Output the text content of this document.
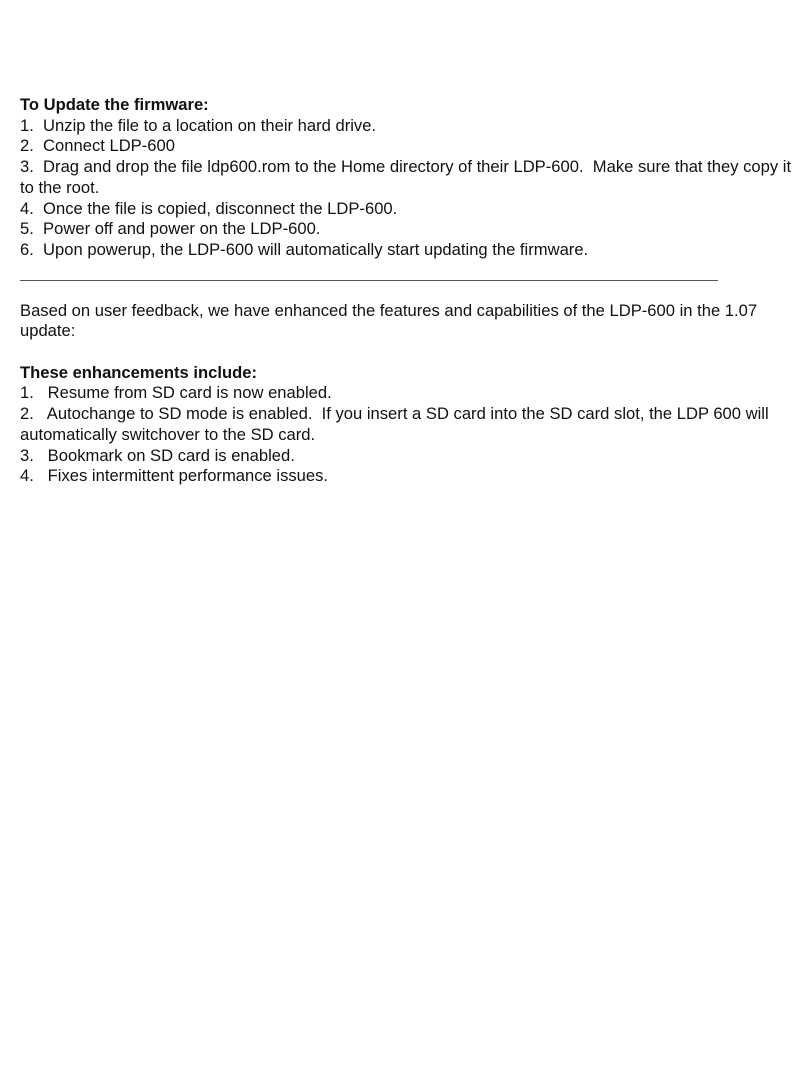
To Update the firmware:
1.  Unzip the file to a location on their hard drive.
2.  Connect LDP-600
3.  Drag and drop the file ldp600.rom to the Home directory of their LDP-600.  Make sure that they copy it to the root.
4.  Once the file is copied, disconnect the LDP-600.
5.  Power off and power on the LDP-600.
6.  Upon powerup, the LDP-600 will automatically start updating the firmware.
Based on user feedback, we have enhanced the features and capabilities of the LDP-600 in the 1.07 update:
These enhancements include:
1.   Resume from SD card is now enabled.
2.   Autochange to SD mode is enabled.  If you insert a SD card into the SD card slot, the LDP 600 will automatically switchover to the SD card.
3.   Bookmark on SD card is enabled.
4.   Fixes intermittent performance issues.
